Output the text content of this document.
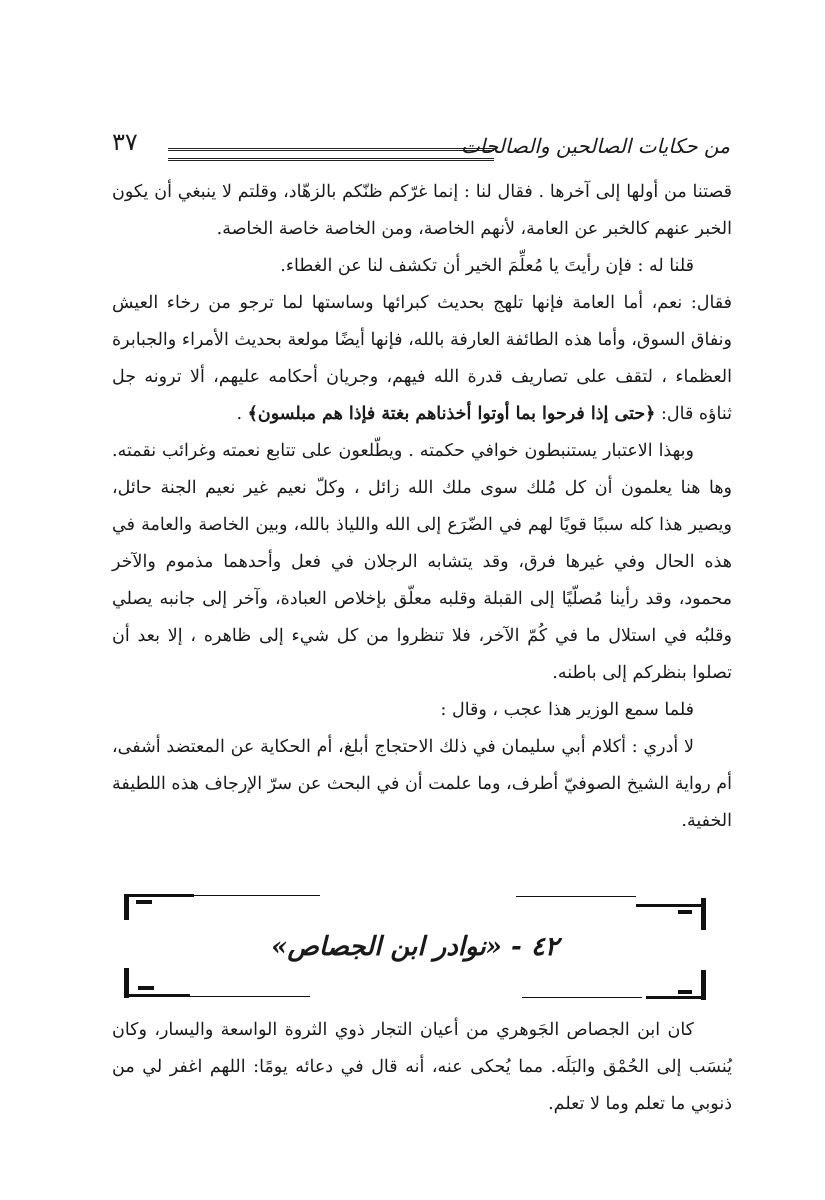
٣٧	من حكايات الصالحين والصالحات

قصتنا من أولها إلى آخرها . فقال لنا : إنما غرّكم ظنّكم بالزهّاد، وقلتم لا ينبغي أن يكون الخبر عنهم كالخبر عن العامة، لأنهم الخاصة، ومن الخاصة خاصة الخاصة.

قلنا له : فإن رأيتَ يا مُعلِّمَ الخير أن تكشف لنا عن الغطاء.

فقال: نعم، أما العامة فإنها تلهج بحديث كبرائها وساستها لما ترجو من رخاء العيش ونفاق السوق، وأما هذه الطائفة العارفة بالله، فإنها أيضًا مولعة بحديث الأمراء والجبابرة العظماء ، لتقف على تصاريف قدرة الله فيهم، وجريان أحكامه عليهم، ألا ترونه جل ثناؤه قال: ﴿حتى إذا فرحوا بما أوتوا أخذناهم بغتة فإذا هم مبلسون﴾ .

وبهذا الاعتبار يستنبطون خوافي حكمته . ويطّلعون على تتابع نعمته وغرائب نقمته. وها هنا يعلمون أن كل مُلك سوى ملك الله زائل ، وكلّ نعيم غير نعيم الجنة حائل، ويصير هذا كله سببًا قويًا لهم في الضّرَع إلى الله واللياذ بالله، وبين الخاصة والعامة في هذه الحال وفي غيرها فرق، وقد يتشابه الرجلان في فعل وأحدهما مذموم والآخر محمود، وقد رأينا مُصلّيًا إلى القبلة وقلبه معلّق بإخلاص العبادة، وآخر إلى جانبه يصلي وقلبُه في استلال ما في كُمّ الآخر، فلا تنظروا من كل شيء إلى ظاهره ، إلا بعد أن تصلوا بنظركم إلى باطنه.

فلما سمع الوزير هذا عجب ، وقال :

لا أدري : أكلام أبي سليمان في ذلك الاحتجاج أبلغ، أم الحكاية عن المعتضد أشفى، أم رواية الشيخ الصوفيّ أطرف، وما علمت أن في البحث عن سرّ الإرجاف هذه اللطيفة الخفية.

٤٢ - «نوادر ابن الجصاص»

كان ابن الجصاص الجَوهري من أعيان التجار ذوي الثروة الواسعة واليسار، وكان يُنسَب إلى الحُمْق والبَلَه. مما يُحكى عنه، أنه قال في دعائه يومًا: اللهم اغفر لي من ذنوبي ما تعلم وما لا تعلم.
